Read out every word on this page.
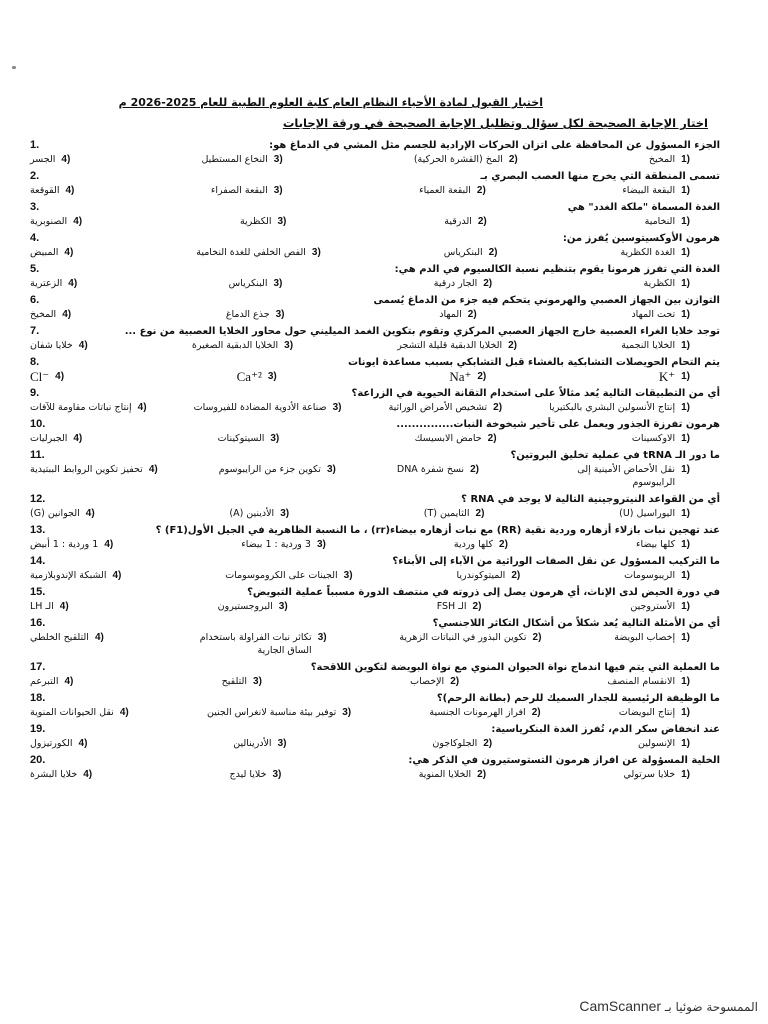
اختبار القبول لمادة الأحياء النظام العام كلية العلوم الطبية للعام 2025-2026 م
اختار الإجابة الصحيحة لكل سؤال وتظليل الإجابة الصحيحة في ورقة الإجابات
الجزء المسؤول عن المحافظة على اتزان الحركات الإرادية للجسم مثل المشي في الدماغ هو:
1.
1)
المخيخ
2)
المخ (القشرة الحركية)
3)
النخاع المستطيل
4)
الجسر
تسمى المنطقة التي يخرج منها العصب البصري بـ
2.
1)
البقعة البيضاء
2)
البقعة العمياء
3)
البقعة الصفراء
4)
القوقعة
الغدة المسماة "ملكة الغدد" هي
3.
1)
النخامية
2)
الدرقية
3)
الكظرية
4)
الصنوبرية
هرمون الأوكسيتوسين يُفرز من:
4.
1)
الغدة الكظرية
2)
البنكرياس
3)
الفص الخلفي للغدة النخامية
4)
المبيض
الغدة التي تفرز هرمونا يقوم بتنظيم نسبة الكالسيوم في الدم هي:
5.
1)
الكظرية
2)
الجار درقية
3)
البنكرياس
4)
الزعترية
التوازن بين الجهاز العصبي والهرموني يتحكم فيه جزء من الدماغ يُسمى
6.
1)
تحت المهاد
2)
المهاد
3)
جذع الدماغ
4)
المخيخ
توجد خلايا الغراء العصبية خارج الجهاز العصبي المركزي وتقوم بتكوين الغمد الميليني حول محاور الخلايا العصبية من نوع ...
7.
1)
الخلايا النجمية
2)
الخلايا الدبقية قليلة التشجر
3)
الخلايا الدبقية الصغيرة
4)
خلايا شفان
يتم التحام الحويصلات التشابكية بالغشاء قبل التشابكي بسبب مساعدة ايونات
8.
1)
K⁺
2)
Na⁺
3)
Ca⁺²
4)
Cl⁻
أي من التطبيقات التالية يُعد مثالاً على استخدام التقانة الحيوية في الزراعة؟
9.
1)
إنتاج الأنسولين البشري بالبكتيريا
2)
تشخيص الأمراض الوراثية
3)
صناعة الأدوية المضادة للفيروسات
4)
إنتاج نباتات مقاومة للآفات
هرمون تفرزة الجذور ويعمل على تأخير شيخوخة النبات...............
10.
1)
الاوكسينات
2)
حامض الابسيسك
3)
السيتوكينات
4)
الجبرليات
ما دور الـ tRNA في عملية تخليق البروتين؟
11.
1)
نقل الأحماض الأمينية إلى الرايبوسوم
2)
نسخ شفرة DNA
3)
تكوين جزء من الرايبوسوم
4)
تحفيز تكوين الروابط الببتيدية
أي من القواعد النيتروجينية التالية لا يوجد في RNA ؟
12.
1)
اليوراسيل (U)
2)
الثايمين (T)
3)
الأدينين (A)
4)
الجوانين (G)
عند تهجين نبات بازلاء أزهاره وردية نقية (RR) مع نبات أزهاره بيضاء(rr) ، ما النسبة الظاهرية في الجيل الأول(F1) ؟
13.
1)
كلها بيضاء
2)
كلها وردية
3)
3 وردية : 1 بيضاء
4)
1 وردية : 1 أبيض
ما التركيب المسؤول عن نقل الصفات الوراثية من الآباء إلى الأبناء؟
14.
1)
الريبوسومات
2)
الميتوكوندريا
3)
الجينات على الكروموسومات
4)
الشبكة الإندوبلازمية
في دورة الحيض لدى الإناث، أي هرمون يصل إلى ذروته في منتصف الدورة مسبباً عملية التبويض؟
15.
1)
الأستروجين
2)
الـ FSH
3)
البروجستيرون
4)
الـ LH
أي من الأمثلة التالية يُعد شكلاً من أشكال التكاثر اللاجنسي؟
16.
1)
إخصاب البويضة
2)
تكوين البذور في النباتات الزهرية
3)
تكاثر نبات الفراولة باستخدام الساق الجارية
4)
التلقيح الخلطي
ما العملية التي يتم فيها اندماج نواة الحيوان المنوي مع نواة البويضة لتكوين اللاقحة؟
17.
1)
الانقسام المنصف
2)
الإخصاب
3)
التلقيح
4)
التبرعم
ما الوظيفة الرئيسية للجدار السميك للرحم (بطانة الرحم)؟
18.
1)
إنتاج البويضات
2)
افراز الهرمونات الجنسية
3)
توفير بيئة مناسبة لانغراس الجنين
4)
نقل الحيوانات المنوية
عند انخفاض سكر الدم، تُفرز الغدة البنكرياسية:
19.
1)
الإنسولين
2)
الجلوكاجون
3)
الأدرينالين
4)
الكورتيزول
الخلية المسؤولة عن افراز هرمون التستوستيرون في الذكر هي:
20.
1)
خلايا سرتولي
2)
الخلايا المنوية
3)
خلايا ليدج
4)
خلايا البشرة
الممسوحة ضوئيا بـ CamScanner
